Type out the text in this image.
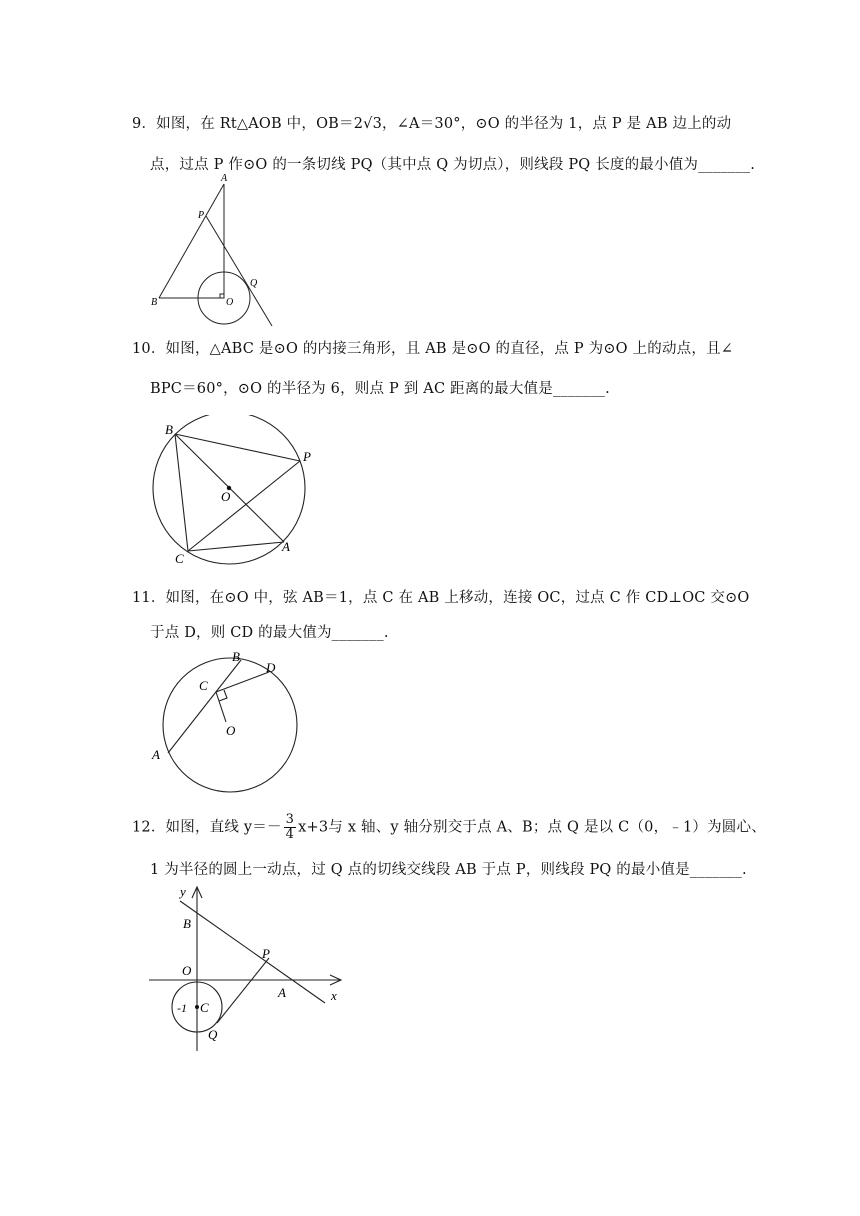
9．如图，在 Rt△AOB 中，OB＝2√3，∠A＝30°，⊙O 的半径为 1，点 P 是 AB 边上的动
点，过点 P 作⊙O 的一条切线 PQ（其中点 Q 为切点），则线段 PQ 长度的最小值为_______.
A
P
Q
B	O
10．如图，△ABC 是⊙O 的内接三角形，且 AB 是⊙O 的直径，点 P 为⊙O 上的动点，且∠
BPC＝60°，⊙O 的半径为 6，则点 P 到 AC 距离的最大值是_______.
B
P
O
C
A
11．如图，在⊙O 中，弦 AB＝1，点 C 在 AB 上移动，连接 OC，过点 C 作 CD⊥OC 交⊙O
于点 D，则 CD 的最大值为_______.
B
D
C
O
A
12．如图，直线 $y=- \frac{3}{4} x+3$与 x 轴、y 轴分别交于点 A、B；点 Q 是以 C（0，﹣1）为圆心、
1 为半径的圆上一动点，过 Q 点的切线交线段 AB 于点 P，则线段 PQ 的最小值是_______.
y
B
P
O
A	x
-1 C
Q
